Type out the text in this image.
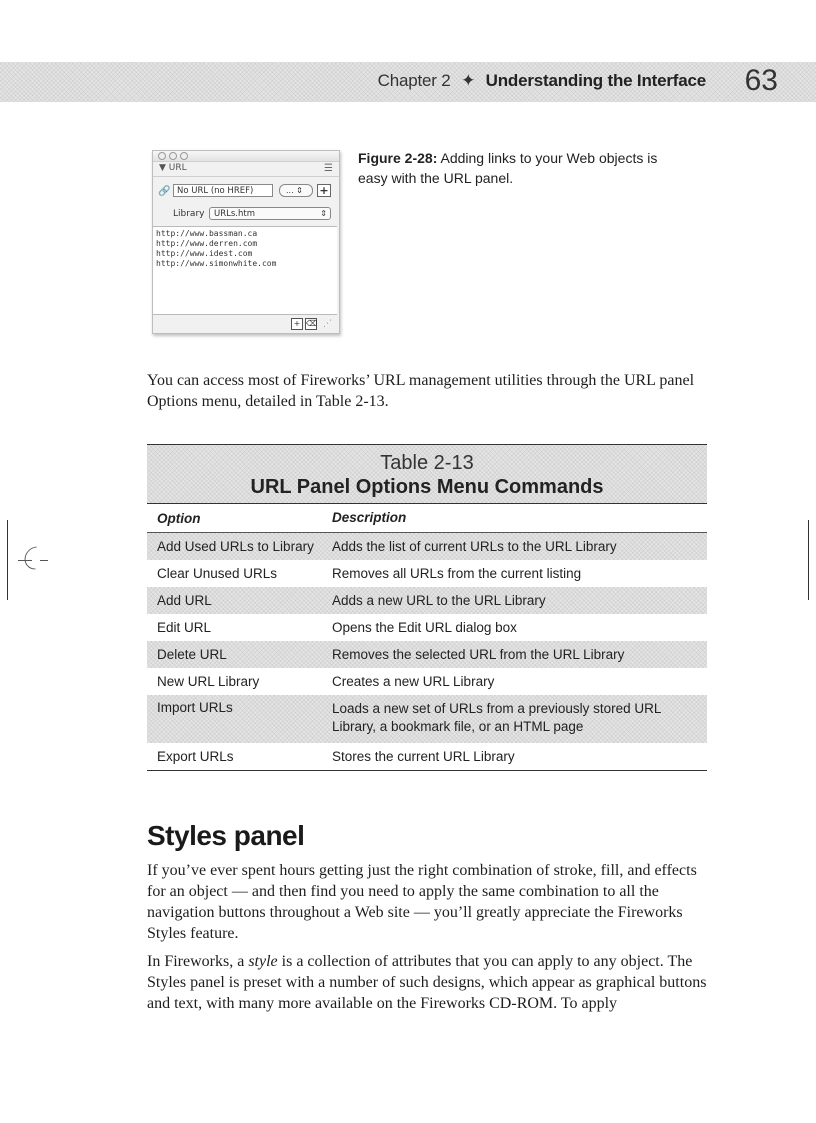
Chapter 2 ✦ Understanding the Interface 63
▼ URL	☰
🔗 No URL (no HREF)	... ⇕	+
Library	URLs.htm	⇕
http://www.bassman.ca
http://www.derren.com
http://www.idest.com
http://www.simonwhite.com
+ ⌫ ⋰
Figure 2-28: Adding links to your Web objects is easy with the URL panel.
You can access most of Fireworks’ URL management utilities through the URL panel Options menu, detailed in Table 2-13.
Table 2-13
URL Panel Options Menu Commands
Option	Description
Add Used URLs to Library	Adds the list of current URLs to the URL Library
Clear Unused URLs	Removes all URLs from the current listing
Add URL	Adds a new URL to the URL Library
Edit URL	Opens the Edit URL dialog box
Delete URL	Removes the selected URL from the URL Library
New URL Library	Creates a new URL Library
Import URLs	Loads a new set of URLs from a previously stored URL Library, a bookmark file, or an HTML page
Export URLs	Stores the current URL Library
Styles panel
If you’ve ever spent hours getting just the right combination of stroke, fill, and effects for an object — and then find you need to apply the same combination to all the navigation buttons throughout a Web site — you’ll greatly appreciate the Fireworks Styles feature.
In Fireworks, a style is a collection of attributes that you can apply to any object. The Styles panel is preset with a number of such designs, which appear as graphical buttons and text, with many more available on the Fireworks CD-ROM. To apply
